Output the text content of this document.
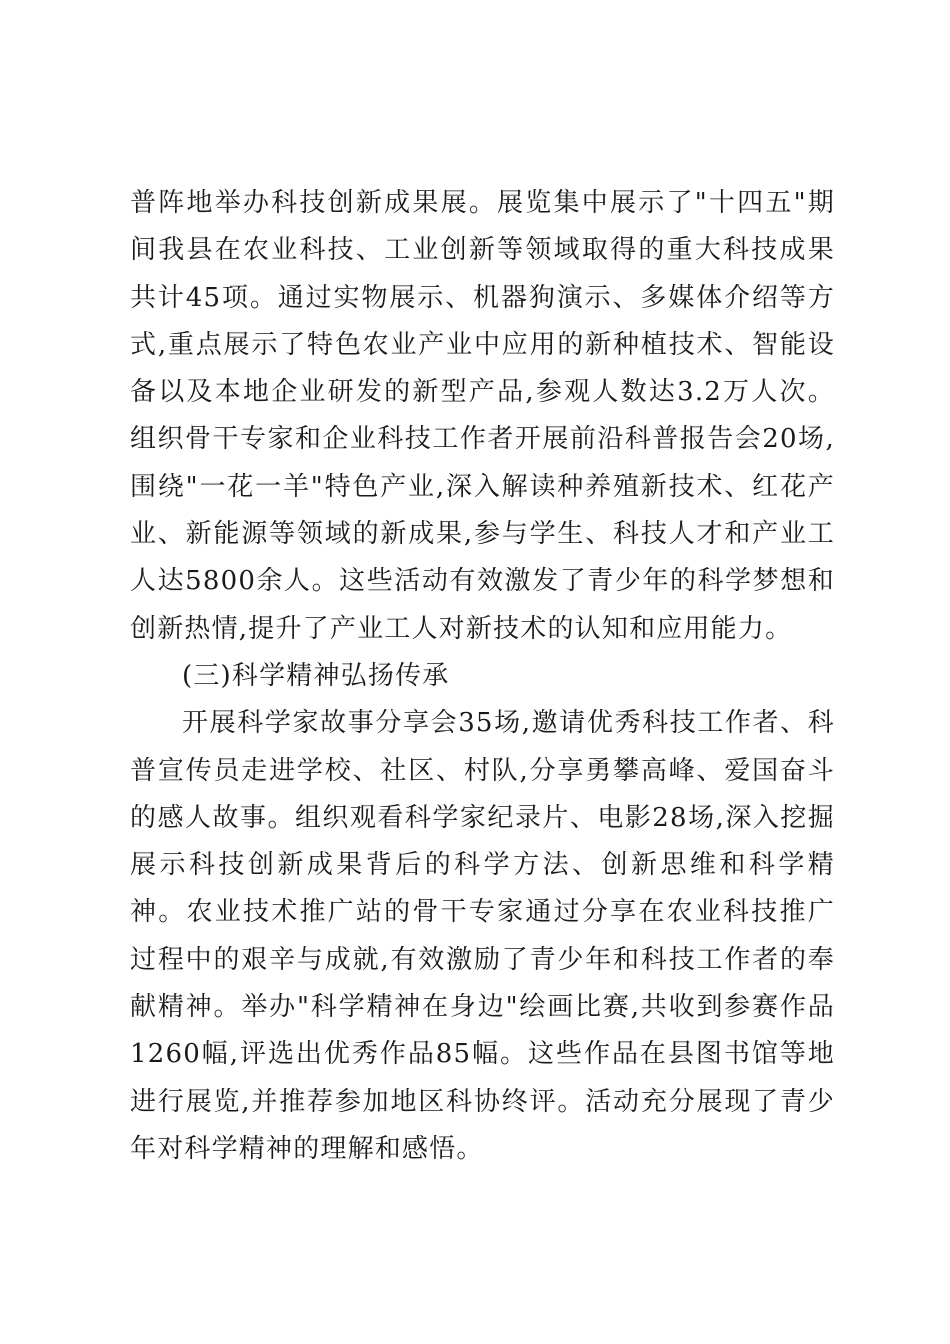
普阵地举办科技创新成果展。展览集中展示了"十四五"期间我县在农业科技、工业创新等领域取得的重大科技成果共计45项。通过实物展示、机器狗演示、多媒体介绍等方式,重点展示了特色农业产业中应用的新种植技术、智能设备以及本地企业研发的新型产品,参观人数达3.2万人次。组织骨干专家和企业科技工作者开展前沿科普报告会20场,围绕"一花一羊"特色产业,深入解读种养殖新技术、红花产业、新能源等领域的新成果,参与学生、科技人才和产业工人达5800余人。这些活动有效激发了青少年的科学梦想和创新热情,提升了产业工人对新技术的认知和应用能力。

(三)科学精神弘扬传承

开展科学家故事分享会35场,邀请优秀科技工作者、科普宣传员走进学校、社区、村队,分享勇攀高峰、爱国奋斗的感人故事。组织观看科学家纪录片、电影28场,深入挖掘展示科技创新成果背后的科学方法、创新思维和科学精神。农业技术推广站的骨干专家通过分享在农业科技推广过程中的艰辛与成就,有效激励了青少年和科技工作者的奉献精神。举办"科学精神在身边"绘画比赛,共收到参赛作品1260幅,评选出优秀作品85幅。这些作品在县图书馆等地进行展览,并推荐参加地区科协终评。活动充分展现了青少年对科学精神的理解和感悟。
